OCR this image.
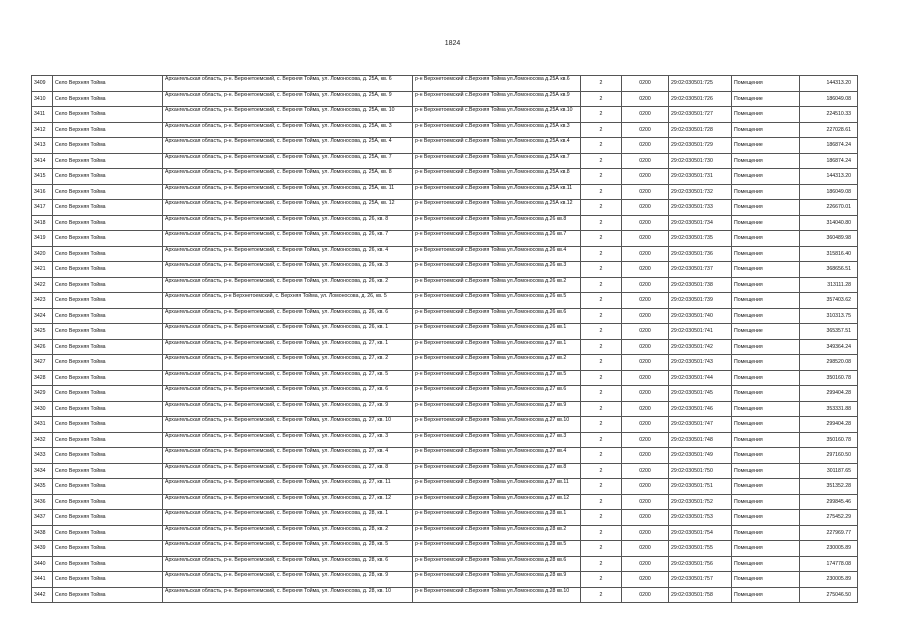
1824
3409	Село Верхняя Тойма	Архангельская область, р-н. Верхнетоемский, с. Верхняя Тойма, ул. Ломоносова, д. 25А, кв. 6	р-н Верхнетоемский с.Верхняя Тойма ул.Ломоносова д.25А кв.6	2	0200	29:02:030501:725	Помещения	144313.20
3410	Село Верхняя Тойма	Архангельская область, р-н. Верхнетоемский, с. Верхняя Тойма, ул. Ломоносова, д. 25А, кв. 9	р-н Верхнетоемский с.Верхняя Тойма ул.Ломоносова д.25А кв.9	2	0200	29:02:030501:726	Помещение	186049.08
3411	Село Верхняя Тойма	Архангельская область, р-н. Верхнетоемский, с. Верхняя Тойма, ул. Ломоносова, д. 25А, кв. 10	р-н Верхнетоемский с.Верхняя Тойма ул.Ломоносова д.25А кв.10	2	0200	29:02:030501:727	Помещения	224510.33
3412	Село Верхняя Тойма	Архангельская область, р-н. Верхнетоемский, с. Верхняя Тойма, ул. Ломоносова, д. 25А, кв. 3	р-н Верхнетоемский с.Верхняя Тойма ул.Ломоносова д.25А кв.3	2	0200	29:02:030501:728	Помещения	227028.61
3413	Село Верхняя Тойма	Архангельская область, р-н. Верхнетоемский, с. Верхняя Тойма, ул. Ломоносова, д. 25А, кв. 4	р-н Верхнетоемский с.Верхняя Тойма ул.Ломоносова д.25А кв.4	2	0200	29:02:030501:729	Помещение	186874.24
3414	Село Верхняя Тойма	Архангельская область, р-н. Верхнетоемский, с. Верхняя Тойма, ул. Ломоносова, д. 25А, кв. 7	р-н Верхнетоемский с.Верхняя Тойма ул.Ломоносова д.25А кв.7	2	0200	29:02:030501:730	Помещения	186874.24
3415	Село Верхняя Тойма	Архангельская область, р-н. Верхнетоемский, с. Верхняя Тойма, ул. Ломоносова, д. 25А, кв. 8	р-н Верхнетоемский с.Верхняя Тойма ул.Ломоносова д.25А кв.8	2	0200	29:02:030501:731	Помещения	144313.20
3416	Село Верхняя Тойма	Архангельская область, р-н. Верхнетоемский, с. Верхняя Тойма, ул. Ломоносова, д. 25А, кв. 11	р-н Верхнетоемский с.Верхняя Тойма ул.Ломоносова д.25А кв.11	2	0200	29:02:030501:732	Помещения	186049.08
3417	Село Верхняя Тойма	Архангельская область, р-н. Верхнетоемский, с. Верхняя Тойма, ул. Ломоносова, д. 25А, кв. 12	р-н Верхнетоемский с.Верхняя Тойма ул.Ломоносова д.25А кв.12	2	0200	29:02:030501:733	Помещения	226670.01
3418	Село Верхняя Тойма	Архангельская область, р-н. Верхнетоемский, с. Верхняя Тойма, ул. Ломоносова, д. 26, кв. 8	р-н Верхнетоемский с.Верхняя Тойма ул.Ломоносова д.26 кв.8	2	0200	29:02:030501:734	Помещение	314040.80
3419	Село Верхняя Тойма	Архангельская область, р-н. Верхнетоемский, с. Верхняя Тойма, ул. Ломоносова, д. 26, кв. 7	р-н Верхнетоемский с.Верхняя Тойма ул.Ломоносова д.26 кв.7	2	0200	29:02:030501:735	Помещения	360489.98
3420	Село Верхняя Тойма	Архангельская область, р-н. Верхнетоемский, с. Верхняя Тойма, ул. Ломоносова, д. 26, кв. 4	р-н Верхнетоемский с.Верхняя Тойма ул.Ломоносова д.26 кв.4	2	0200	29:02:030501:736	Помещения	315816.40
3421	Село Верхняя Тойма	Архангельская область, р-н. Верхнетоемский, с. Верхняя Тойма, ул. Ломоносова, д. 26, кв. 3	р-н Верхнетоемский с.Верхняя Тойма ул.Ломоносова д.26 кв.3	2	0200	29:02:030501:737	Помещения	368656.51
3422	Село Верхняя Тойма	Архангельская область, р-н. Верхнетоемский, с. Верхняя Тойма, ул. Ломоносова, д. 26, кв. 2	р-н Верхнетоемский с.Верхняя Тойма ул.Ломоносова д.26 кв.2	2	0200	29:02:030501:738	Помещения	313111.28
3423	Село Верхняя Тойма	Архангельская область, р-н Верхнетоемский, с. Верхняя Тойма, ул. Ломоносова, д. 26, кв. 5	р-н Верхнетоемский с.Верхняя Тойма ул.Ломоносова д.26 кв.5	2	0200	29:02:030501:739	Помещения	357403.62
3424	Село Верхняя Тойма	Архангельская область, р-н. Верхнетоемский, с. Верхняя Тойма, ул. Ломоносова, д. 26, кв. 6	р-н Верхнетоемский с.Верхняя Тойма ул.Ломоносова д.26 кв.6	2	0200	29:02:030501:740	Помещения	310313.75
3425	Село Верхняя Тойма	Архангельская область, р-н. Верхнетоемский, с. Верхняя Тойма, ул. Ломоносова, д. 26, кв. 1	р-н Верхнетоемский с.Верхняя Тойма ул.Ломоносова д.26 кв.1	2	0200	29:02:030501:741	Помещение	365357.51
3426	Село Верхняя Тойма	Архангельская область, р-н. Верхнетоемский, с. Верхняя Тойма, ул. Ломоносова, д. 27, кв. 1	р-н Верхнетоемский с.Верхняя Тойма ул.Ломоносова д.27 кв.1	2	0200	29:02:030501:742	Помещения	349364.24
3427	Село Верхняя Тойма	Архангельская область, р-н. Верхнетоемский, с. Верхняя Тойма, ул. Ломоносова, д. 27, кв. 2	р-н Верхнетоемский с.Верхняя Тойма ул.Ломоносова д.27 кв.2	2	0200	29:02:030501:743	Помещения	298520.08
3428	Село Верхняя Тойма	Архангельская область, р-н. Верхнетоемский, с. Верхняя Тойма, ул. Ломоносова, д. 27, кв. 5	р-н Верхнетоемский с.Верхняя Тойма ул.Ломоносова д.27 кв.5	2	0200	29:02:030501:744	Помещения	350160.78
3429	Село Верхняя Тойма	Архангельская область, р-н. Верхнетоемский, с. Верхняя Тойма, ул. Ломоносова, д. 27, кв. 6	р-н Верхнетоемский с.Верхняя Тойма ул.Ломоносова д.27 кв.6	2	0200	29:02:030501:745	Помещения	299404.28
3430	Село Верхняя Тойма	Архангельская область, р-н. Верхнетоемский, с. Верхняя Тойма, ул. Ломоносова, д. 27, кв. 9	р-н Верхнетоемский с.Верхняя Тойма ул.Ломоносова д.27 кв.9	2	0200	29:02:030501:746	Помещения	353331.88
3431	Село Верхняя Тойма	Архангельская область, р-н. Верхнетоемский, с. Верхняя Тойма, ул. Ломоносова, д. 27, кв. 10	р-н Верхнетоемский с.Верхняя Тойма ул.Ломоносова д.27 кв.10	2	0200	29:02:030501:747	Помещения	299404.28
3432	Село Верхняя Тойма	Архангельская область, р-н. Верхнетоемский, с. Верхняя Тойма, ул. Ломоносова, д. 27, кв. 3	р-н Верхнетоемский с.Верхняя Тойма ул.Ломоносова д.27 кв.3	2	0200	29:02:030501:748	Помещения	350160.78
3433	Село Верхняя Тойма	Архангельская область, р-н. Верхнетоемский, с. Верхняя Тойма, ул. Ломоносова, д. 27, кв. 4	р-н Верхнетоемский с.Верхняя Тойма ул.Ломоносова д.27 кв.4	2	0200	29:02:030501:749	Помещения	297160.50
3434	Село Верхняя Тойма	Архангельская область, р-н. Верхнетоемский, с. Верхняя Тойма, ул. Ломоносова, д. 27, кв. 8	р-н Верхнетоемский с.Верхняя Тойма ул.Ломоносова д.27 кв.8	2	0200	29:02:030501:750	Помещения	301187.65
3435	Село Верхняя Тойма	Архангельская область, р-н. Верхнетоемский, с. Верхняя Тойма, ул. Ломоносова, д. 27, кв. 11	р-н Верхнетоемский с.Верхняя Тойма ул.Ломоносова д.27 кв.11	2	0200	29:02:030501:751	Помещения	351352.28
3436	Село Верхняя Тойма	Архангельская область, р-н. Верхнетоемский, с. Верхняя Тойма, ул. Ломоносова, д. 27, кв. 12	р-н Верхнетоемский с.Верхняя Тойма ул.Ломоносова д.27 кв.12	2	0200	29:02:030501:752	Помещения	299845.46
3437	Село Верхняя Тойма	Архангельская область, р-н. Верхнетоемский, с. Верхняя Тойма, ул. Ломоносова, д. 28, кв. 1	р-н Верхнетоемский с.Верхняя Тойма ул.Ломоносова д.28 кв.1	2	0200	29:02:030501:753	Помещения	275452.29
3438	Село Верхняя Тойма	Архангельская область, р-н. Верхнетоемский, с. Верхняя Тойма, ул. Ломоносова, д. 28, кв. 2	р-н Верхнетоемский с.Верхняя Тойма ул.Ломоносова д.28 кв.2	2	0200	29:02:030501:754	Помещения	227969.77
3439	Село Верхняя Тойма	Архангельская область, р-н. Верхнетоемский, с. Верхняя Тойма, ул. Ломоносова, д. 28, кв. 5	р-н Верхнетоемский с.Верхняя Тойма ул.Ломоносова д.28 кв.5	2	0200	29:02:030501:755	Помещения	230005.89
3440	Село Верхняя Тойма	Архангельская область, р-н. Верхнетоемский, с. Верхняя Тойма, ул. Ломоносова, д. 28, кв. 6	р-н Верхнетоемский с.Верхняя Тойма ул.Ломоносова д.28 кв.6	2	0200	29:02:030501:756	Помещения	174778.08
3441	Село Верхняя Тойма	Архангельская область, р-н. Верхнетоемский, с. Верхняя Тойма, ул. Ломоносова, д. 28, кв. 9	р-н Верхнетоемский с.Верхняя Тойма ул.Ломоносова д.28 кв.9	2	0200	29:02:030501:757	Помещения	230005.89
3442	Село Верхняя Тойма	Архангельская область, р-н. Верхнетоемский, с. Верхняя Тойма, ул. Ломоносова, д. 28, кв. 10	р-н Верхнетоемский с.Верхняя Тойма ул.Ломоносова д.28 кв.10	2	0200	29:02:030501:758	Помещения	275046.50
